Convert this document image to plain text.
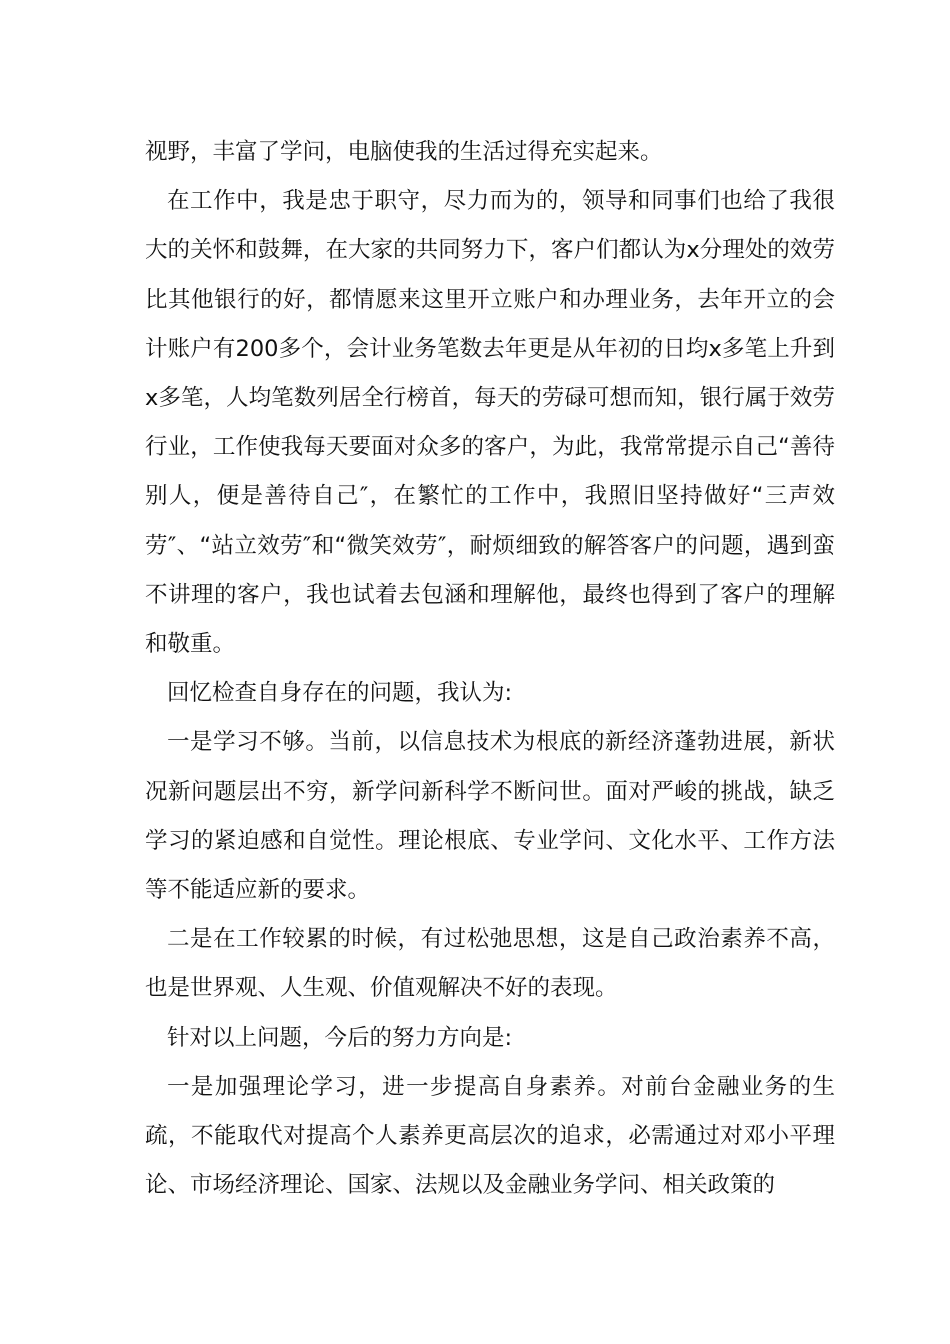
视野，丰富了学问，电脑使我的生活过得充实起来。

在工作中，我是忠于职守，尽力而为的，领导和同事们也给了我很大的关怀和鼓舞，在大家的共同努力下，客户们都认为x分理处的效劳比其他银行的好，都情愿来这里开立账户和办理业务，去年开立的会计账户有200多个，会计业务笔数去年更是从年初的日均x多笔上升到x多笔，人均笔数列居全行榜首，每天的劳碌可想而知，银行属于效劳行业，工作使我每天要面对众多的客户，为此，我常常提示自己“善待别人，便是善待自己″，在繁忙的工作中，我照旧坚持做好“三声效劳″、“站立效劳″和“微笑效劳″，耐烦细致的解答客户的问题，遇到蛮不讲理的客户，我也试着去包涵和理解他，最终也得到了客户的理解和敬重。

回忆检查自身存在的问题，我认为:

一是学习不够。当前，以信息技术为根底的新经济蓬勃进展，新状况新问题层出不穷，新学问新科学不断问世。面对严峻的挑战，缺乏学习的紧迫感和自觉性。理论根底、专业学问、文化水平、工作方法等不能适应新的要求。

二是在工作较累的时候，有过松弛思想，这是自己政治素养不高，也是世界观、人生观、价值观解决不好的表现。

针对以上问题，今后的努力方向是:

一是加强理论学习，进一步提高自身素养。对前台金融业务的生疏，不能取代对提高个人素养更高层次的追求，必需通过对邓小平理论、市场经济理论、国家、法规以及金融业务学问、相关政策的
